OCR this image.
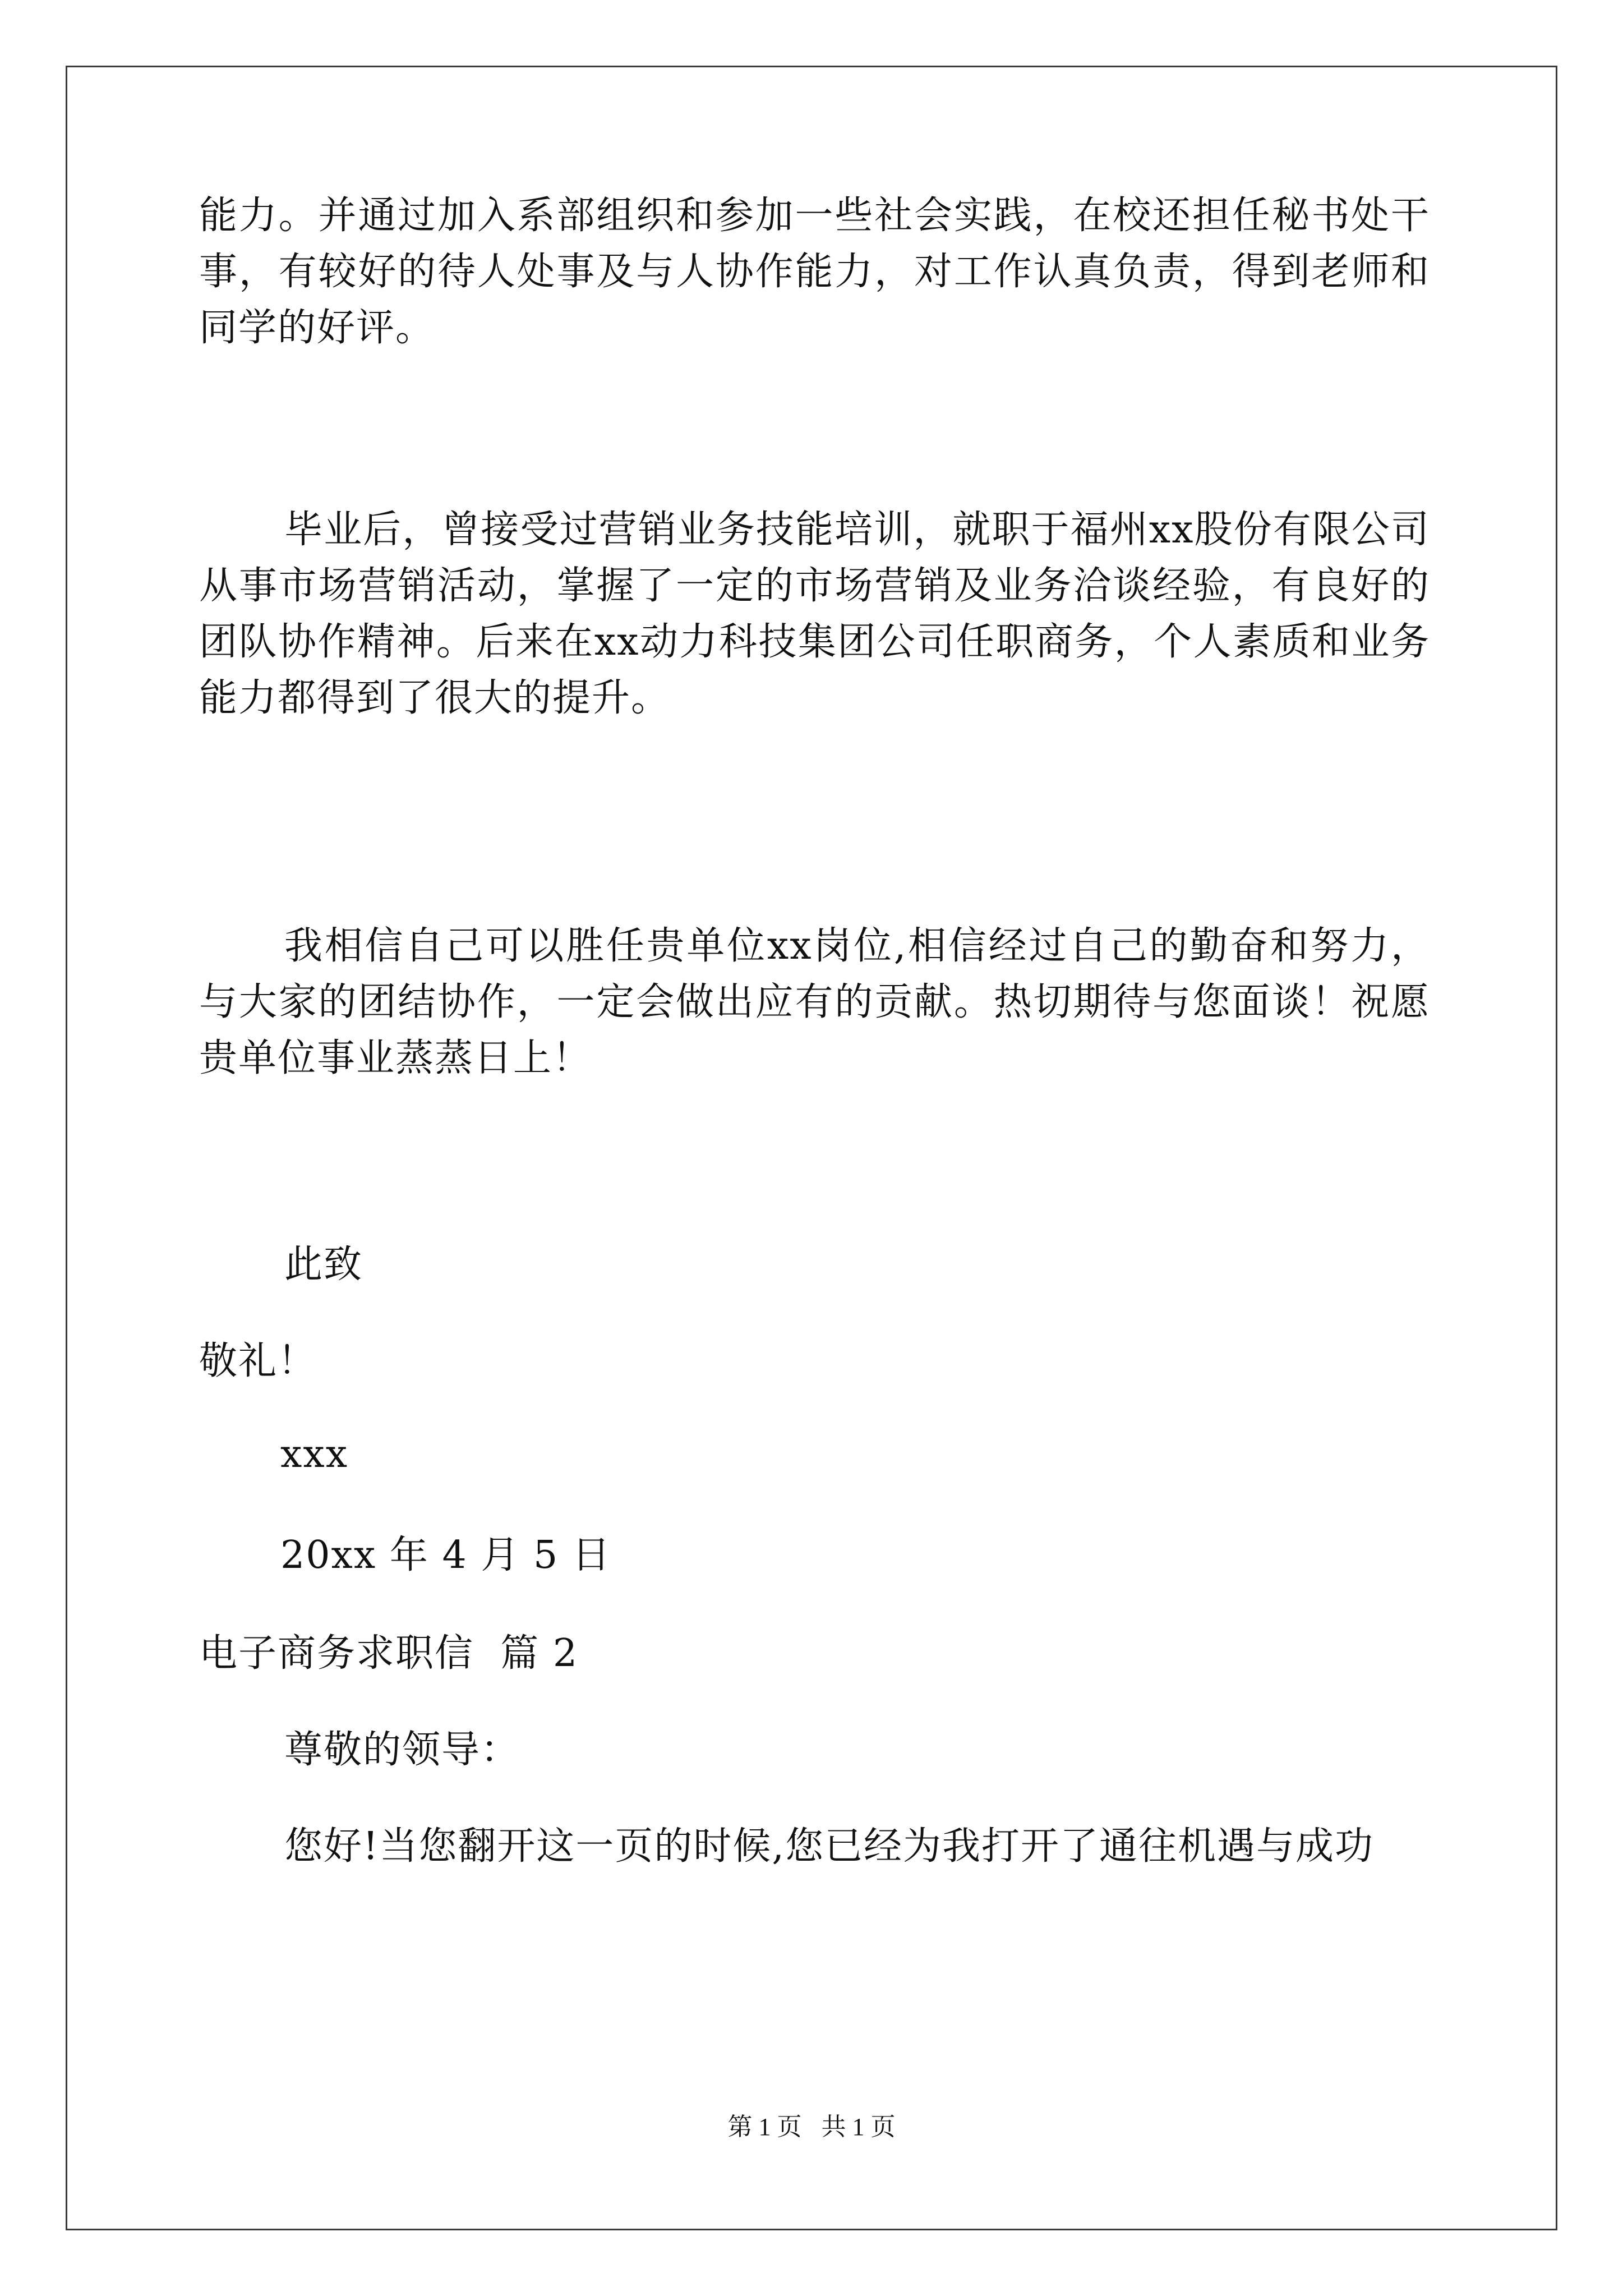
能力。并通过加入系部组织和参加一些社会实践，在校还担任秘书处干事，有较好的待人处事及与人协作能力，对工作认真负责，得到老师和同学的好评。
毕业后，曾接受过营销业务技能培训，就职于福州xx股份有限公司从事市场营销活动，掌握了一定的市场营销及业务洽谈经验，有良好的团队协作精神。后来在xx动力科技集团公司任职商务，个人素质和业务能力都得到了很大的提升。
我相信自己可以胜任贵单位xx岗位,相信经过自己的勤奋和努力，与大家的团结协作，一定会做出应有的贡献。热切期待与您面谈！祝愿贵单位事业蒸蒸日上！
此致
敬礼！
xxx
20xx 年 4 月 5 日
电子商务求职信  篇 2
尊敬的领导：
您好!当您翻开这一页的时候,您已经为我打开了通往机遇与成功
第 1 页 共 1 页
